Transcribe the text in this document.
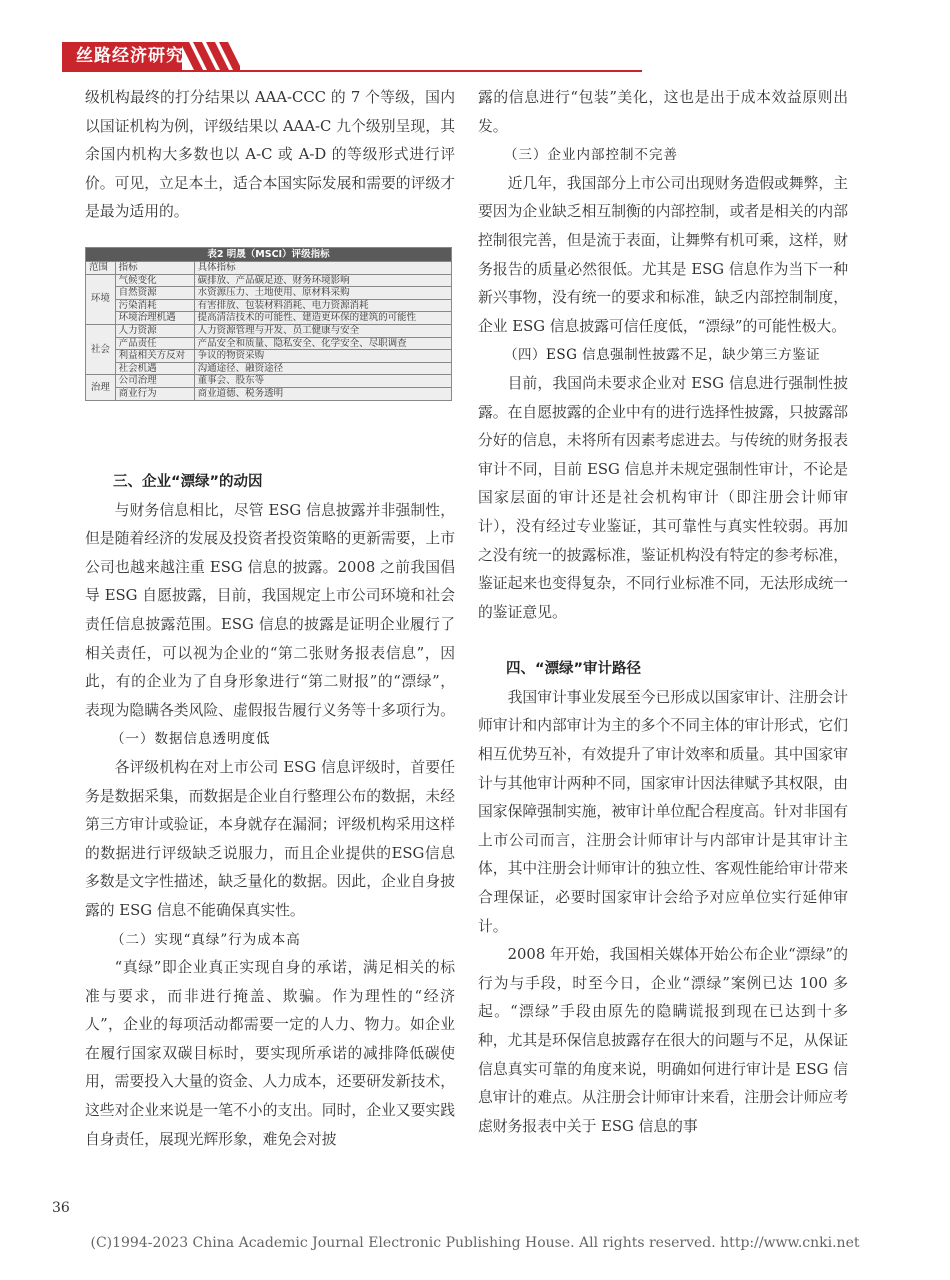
丝路经济研究

级机构最终的打分结果以 AAA-CCC 的 7 个等级，国内以国证机构为例，评级结果以 AAA-C 九个级别呈现，其余国内机构大多数也以 A-C 或 A-D 的等级形式进行评价。可见，立足本土，适合本国实际发展和需要的评级才是最为适用的。

表2 明晟（MSCI）评级指标		
范围	指标	具体指标
环境	气候变化	碳排放、产品碳足迹、财务环境影响
	自然资源	水资源压力、土地使用、原材料采购
	污染消耗	有害排放、包装材料消耗、电力资源消耗
	环境治理机遇	提高清洁技术的可能性、建造更环保的建筑的可能性
社会	人力资源	人力资源管理与开发、员工健康与安全
	产品责任	产品安全和质量、隐私安全、化学安全、尽职调查
	利益相关方反对	争议的物资采购
	社会机遇	沟通途径、融资途径
治理	公司治理	董事会、股东等
	商业行为	商业道德、税务透明

三、企业“漂绿”的动因

与财务信息相比，尽管 ESG 信息披露并非强制性，但是随着经济的发展及投资者投资策略的更新需要，上市公司也越来越注重 ESG 信息的披露。2008 之前我国倡导 ESG 自愿披露，目前，我国规定上市公司环境和社会责任信息披露范围。ESG 信息的披露是证明企业履行了相关责任，可以视为企业的“第二张财务报表信息”，因此，有的企业为了自身形象进行“第二财报”的“漂绿”，表现为隐瞒各类风险、虚假报告履行义务等十多项行为。

（一）数据信息透明度低

各评级机构在对上市公司 ESG 信息评级时，首要任务是数据采集，而数据是企业自行整理公布的数据，未经第三方审计或验证，本身就存在漏洞；评级机构采用这样的数据进行评级缺乏说服力，而且企业提供的ESG信息多数是文字性描述，缺乏量化的数据。因此，企业自身披露的 ESG 信息不能确保真实性。

（二）实现“真绿”行为成本高

“真绿”即企业真正实现自身的承诺，满足相关的标准与要求，而非进行掩盖、欺骗。作为理性的“经济人”，企业的每项活动都需要一定的人力、物力。如企业在履行国家双碳目标时，要实现所承诺的减排降低碳使用，需要投入大量的资金、人力成本，还要研发新技术，这些对企业来说是一笔不小的支出。同时，企业又要实践自身责任，展现光辉形象，难免会对披

露的信息进行“包装”美化，这也是出于成本效益原则出发。

（三）企业内部控制不完善

近几年，我国部分上市公司出现财务造假或舞弊，主要因为企业缺乏相互制衡的内部控制，或者是相关的内部控制很完善，但是流于表面，让舞弊有机可乘，这样，财务报告的质量必然很低。尤其是 ESG 信息作为当下一种新兴事物，没有统一的要求和标准，缺乏内部控制制度，企业 ESG 信息披露可信任度低，“漂绿”的可能性极大。

（四）ESG 信息强制性披露不足，缺少第三方鉴证

目前，我国尚未要求企业对 ESG 信息进行强制性披露。在自愿披露的企业中有的进行选择性披露，只披露部分好的信息，未将所有因素考虑进去。与传统的财务报表审计不同，目前 ESG 信息并未规定强制性审计，不论是国家层面的审计还是社会机构审计（即注册会计师审计），没有经过专业鉴证，其可靠性与真实性较弱。再加之没有统一的披露标准，鉴证机构没有特定的参考标准，鉴证起来也变得复杂，不同行业标准不同，无法形成统一的鉴证意见。

四、“漂绿”审计路径

我国审计事业发展至今已形成以国家审计、注册会计师审计和内部审计为主的多个不同主体的审计形式，它们相互优势互补，有效提升了审计效率和质量。其中国家审计与其他审计两种不同，国家审计因法律赋予其权限，由国家保障强制实施，被审计单位配合程度高。针对非国有上市公司而言，注册会计师审计与内部审计是其审计主体，其中注册会计师审计的独立性、客观性能给审计带来合理保证，必要时国家审计会给予对应单位实行延伸审计。

2008 年开始，我国相关媒体开始公布企业“漂绿”的行为与手段，时至今日，企业“漂绿”案例已达 100 多起。“漂绿”手段由原先的隐瞒谎报到现在已达到十多种，尤其是环保信息披露存在很大的问题与不足，从保证信息真实可靠的角度来说，明确如何进行审计是 ESG 信息审计的难点。从注册会计师审计来看，注册会计师应考虑财务报表中关于 ESG 信息的事

36
(C)1994-2023 China Academic Journal Electronic Publishing House. All rights reserved. http://www.cnki.net
